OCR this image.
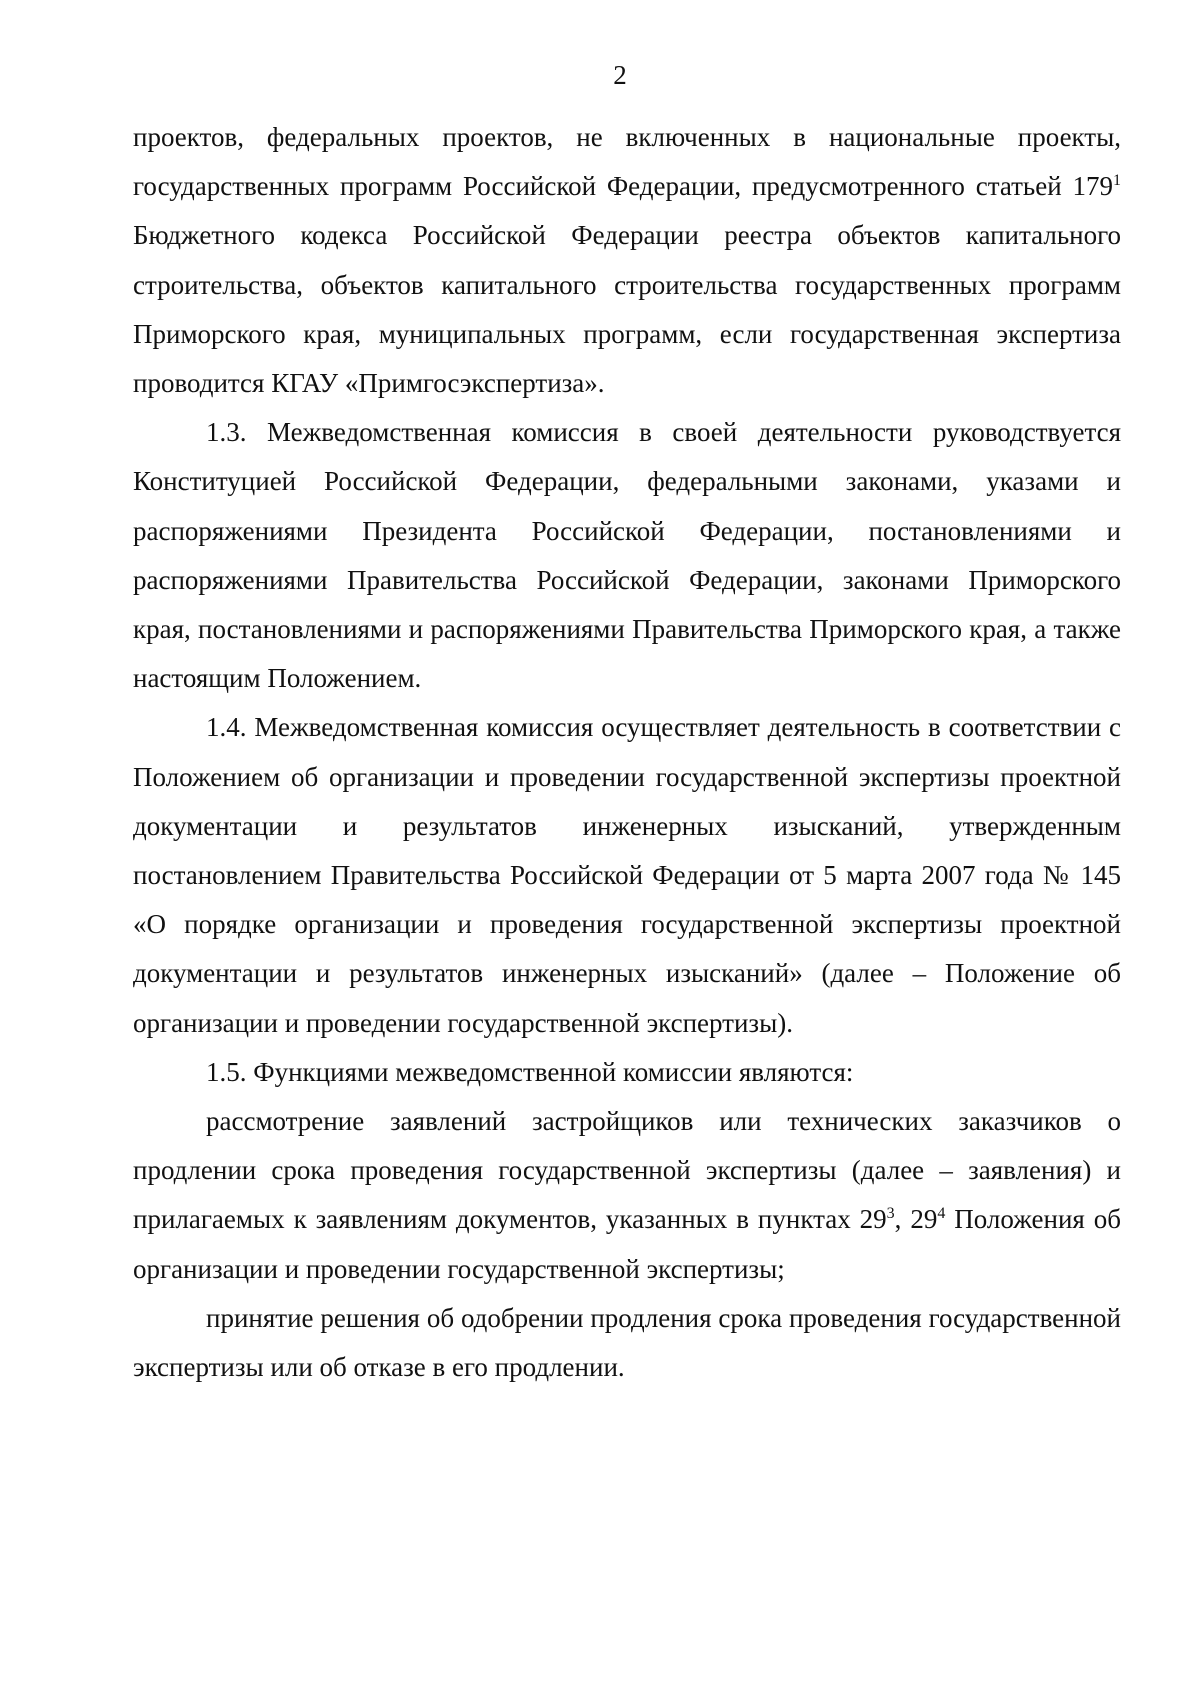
2

проектов, федеральных проектов, не включенных в национальные проекты, государственных программ Российской Федерации, предусмотренного статьей $179^1$ Бюджетного кодекса Российской Федерации реестра объектов капитального строительства, объектов капитального строительства государственных программ Приморского края, муниципальных программ, если государственная экспертиза проводится КГАУ «Примгосэкспертиза».

1.3. Межведомственная комиссия в своей деятельности руководствуется Конституцией Российской Федерации, федеральными законами, указами и распоряжениями Президента Российской Федерации, постановлениями и распоряжениями Правительства Российской Федерации, законами Приморского края, постановлениями и распоряжениями Правительства Приморского края, а также настоящим Положением.

1.4. Межведомственная комиссия осуществляет деятельность в соответствии с Положением об организации и проведении государственной экспертизы проектной документации и результатов инженерных изысканий, утвержденным постановлением Правительства Российской Федерации от 5 марта 2007 года № 145 «О порядке организации и проведения государственной экспертизы проектной документации и результатов инженерных изысканий» (далее – Положение об организации и проведении государственной экспертизы).

1.5. Функциями межведомственной комиссии являются:

рассмотрение заявлений застройщиков или технических заказчиков о продлении срока проведения государственной экспертизы (далее – заявления) и прилагаемых к заявлениям документов, указанных в пунктах $29^3$, $29^4$ Положения об организации и проведении государственной экспертизы;

принятие решения об одобрении продления срока проведения государственной экспертизы или об отказе в его продлении.
